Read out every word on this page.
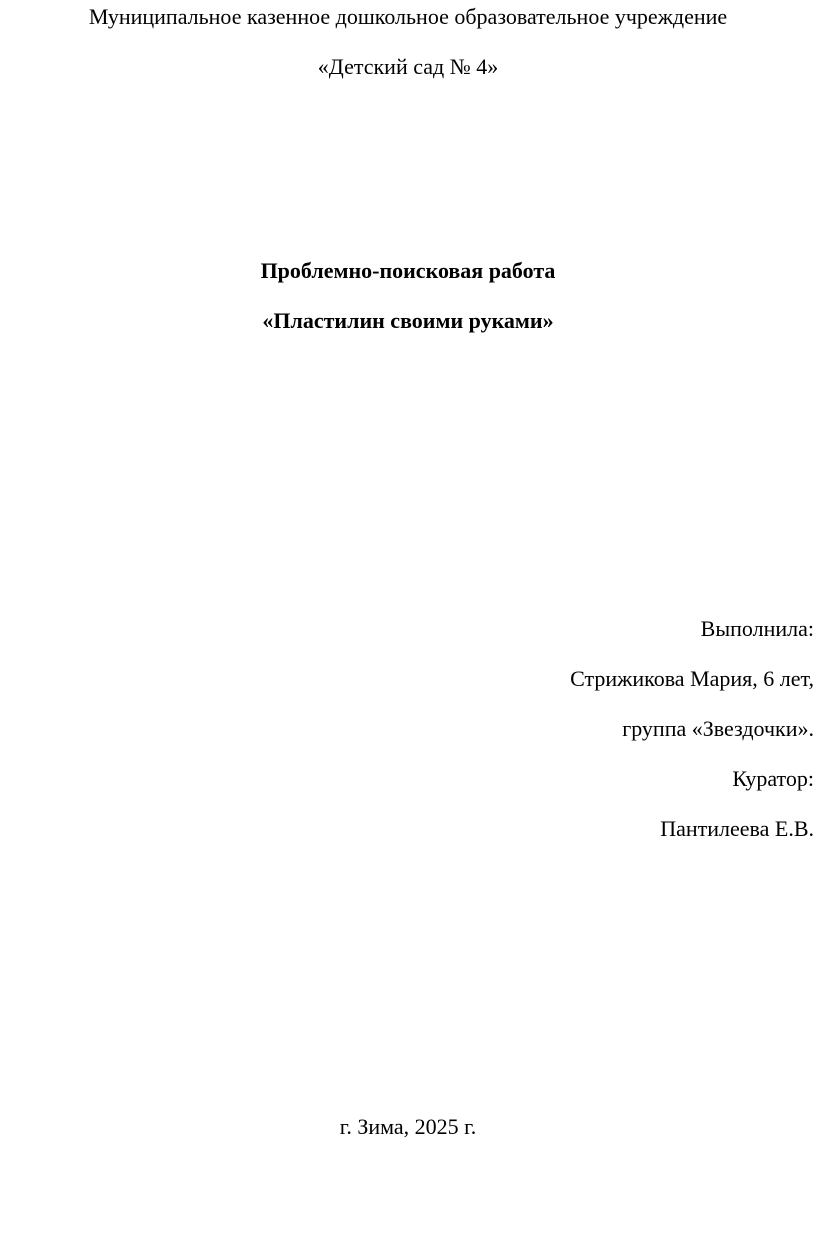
Муниципальное казенное дошкольное образовательное учреждение
«Детский сад № 4»
Проблемно-поисковая работа
«Пластилин своими руками»
Выполнила:
Стрижикова Мария, 6 лет,
группа «Звездочки».
Куратор:
Пантилеева Е.В.
г. Зима, 2025 г.
